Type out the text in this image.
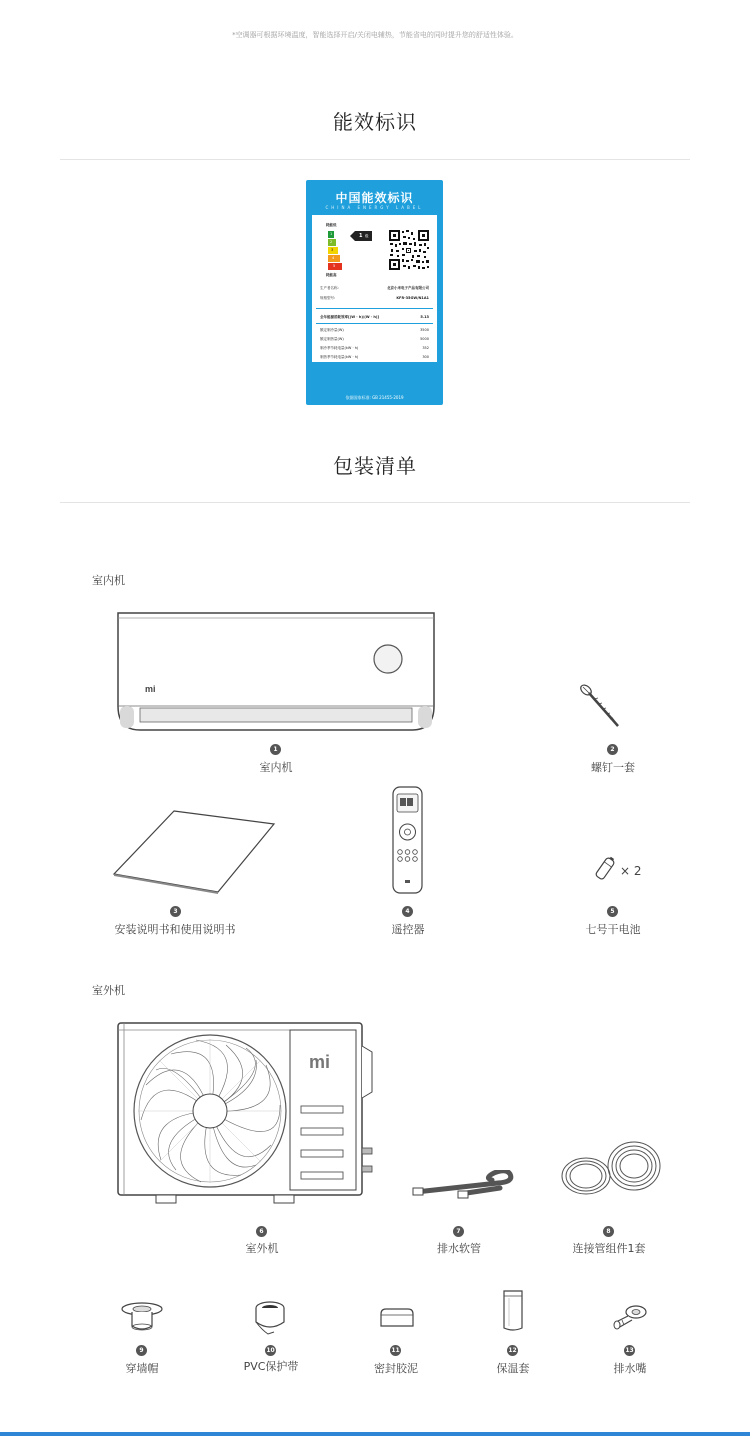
*空调器可根据环境温度，智能选择开启/关闭电辅热，节能省电的同时提升您的舒适性体验。
能效标识
中国能效标识
CHINA ENERGY LABEL
耗能低
1
2
3
4
5
1 级
耗能高
生产者名称:	北京小米电子产品有限公司
规格型号:	KFR-35GW/N1A1
全年能源消耗效率[(W · h)/(W · h)]	5.13
额定制冷量(W)	3500
额定制热量(W)	5000
制冷季节耗电量(kW · h)	352
制热季节耗电量(kW · h)	300
依据国家标准: GB 21455-2019
包装清单
室内机
mi
1
室内机
2
螺钉一套
3
安装说明书和使用说明书
4
遥控器
× 2
5
七号干电池
室外机
mi
6
室外机
7
排水软管
8
连接管组件1套
9
穿墙帽
10
PVC保护带
11
密封胶泥
12
保温套
13
排水嘴
